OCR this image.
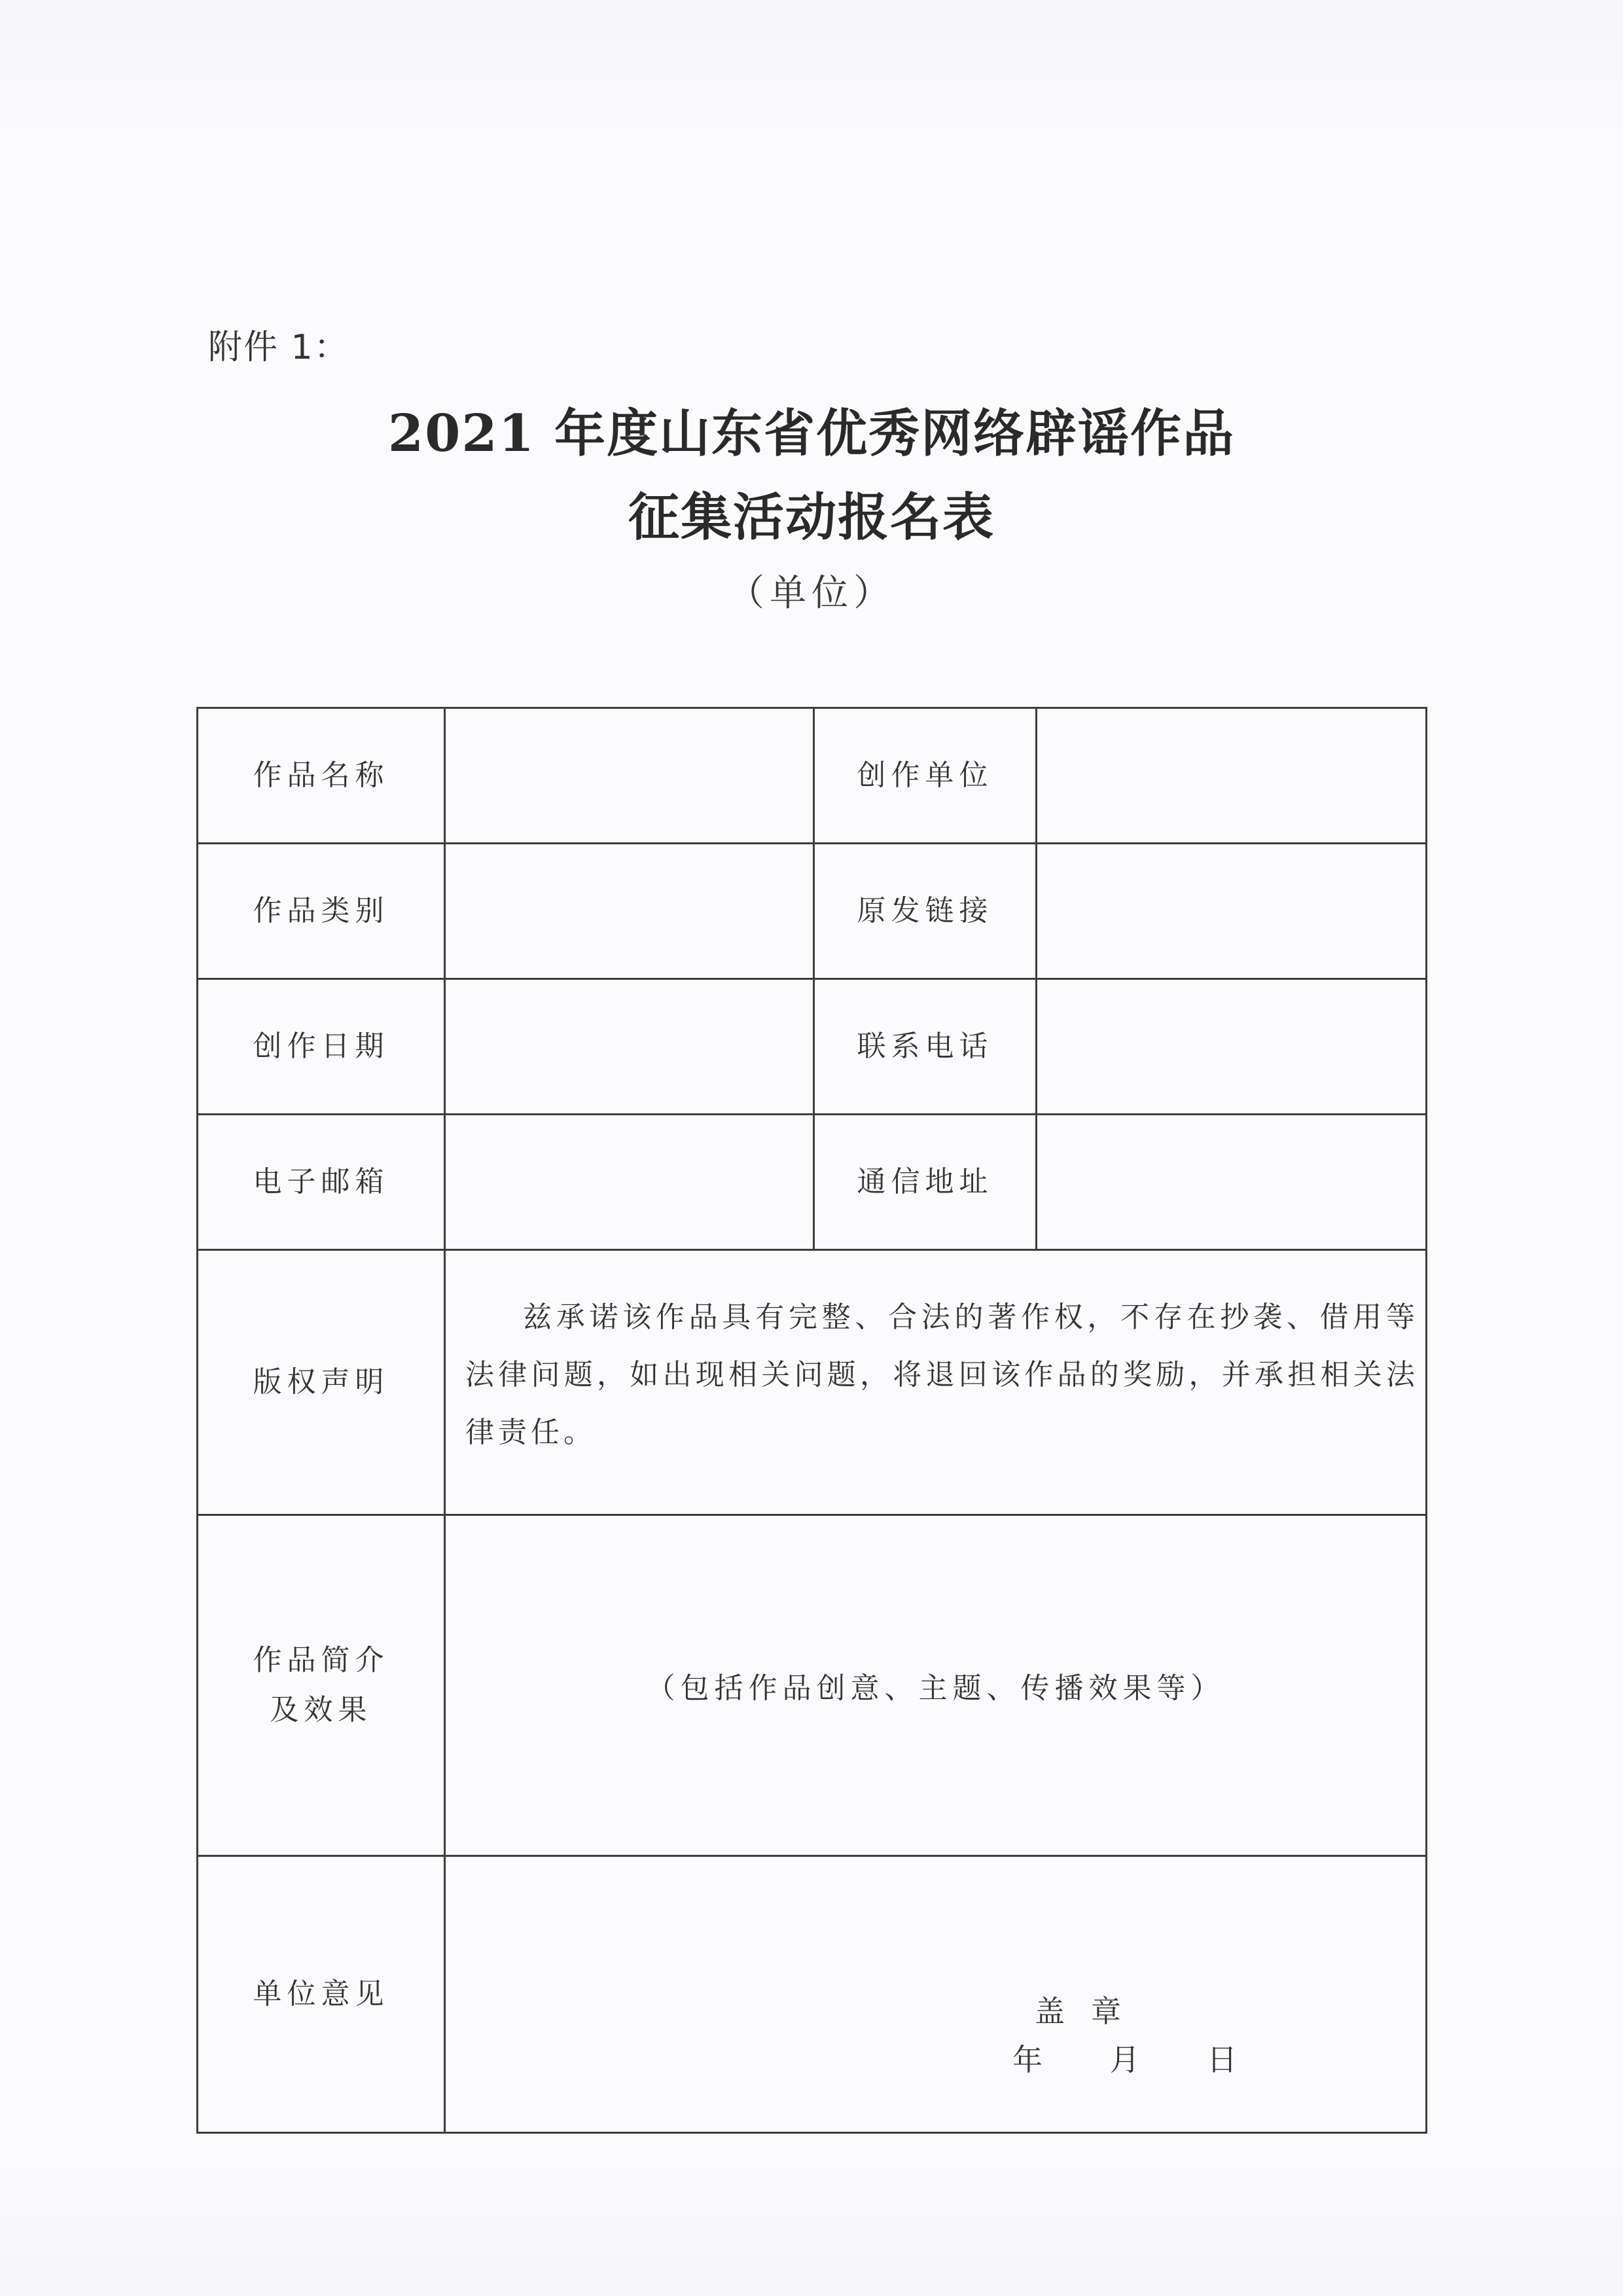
附件 1：
2021 年度山东省优秀网络辟谣作品
征集活动报名表
（单位）
作品名称		创作单位	
作品类别		原发链接	
创作日期		联系电话	
电子邮箱		通信地址	
版权声明	兹承诺该作品具有完整、合法的著作权，不存在抄袭、借用等法律问题，如出现相关问题，将退回该作品的奖励，并承担相关法律责任。		

作品简介
及效果	（包括作品创意、主题、传播效果等）		
单位意见	盖章
年 月 日		
